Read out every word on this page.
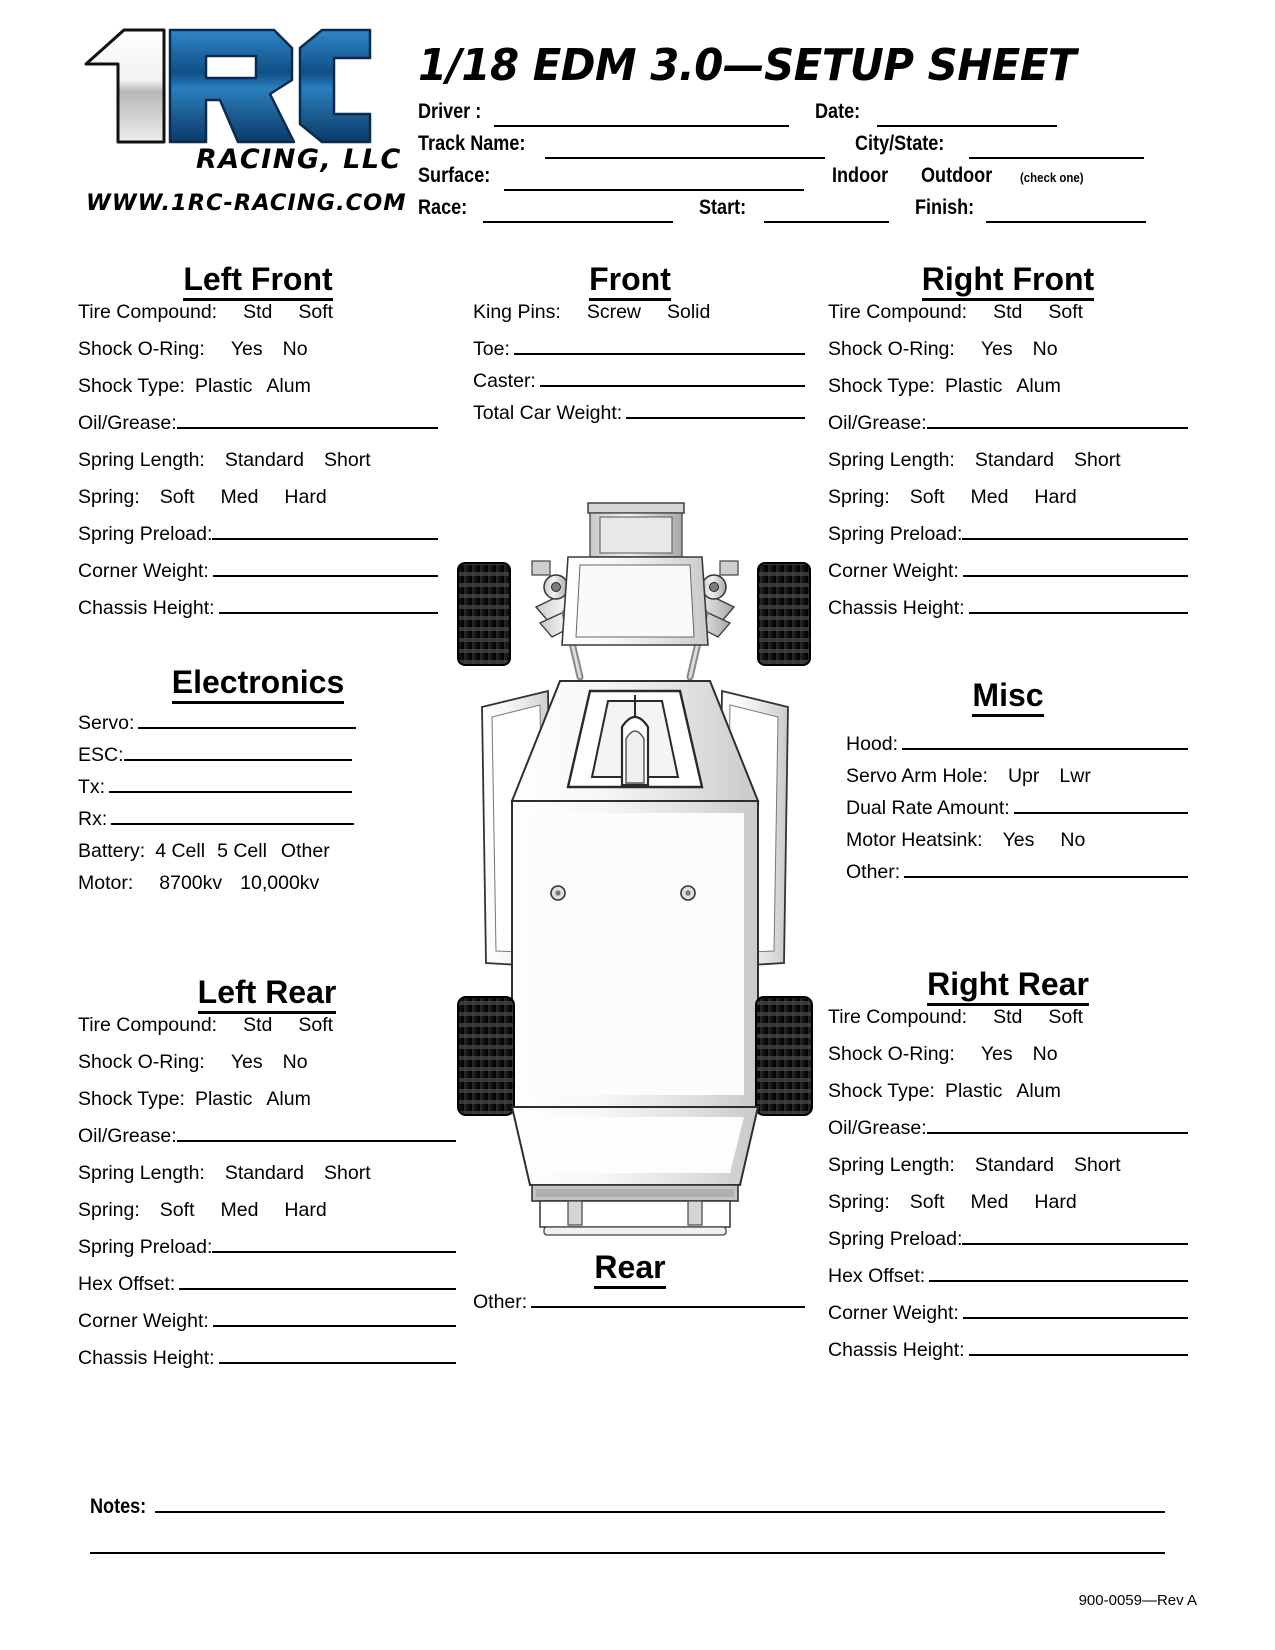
RACING, LLC
WWW.1RC-RACING.COM
1/18 EDM 3.0—SETUP SHEET
Driver :	Date:
Track Name:	City/State:
Surface:	Indoor Outdoor (check one)
Race:	Start:	Finish:
Left Front
Tire Compound: Std Soft
Shock O-Ring: Yes No
Shock Type: Plastic Alum
Oil/Grease:
Spring Length: Standard Short
Spring: Soft Med Hard
Spring Preload:
Corner Weight:
Chassis Height:
Front
King Pins: Screw Solid
Toe:
Caster:
Total Car Weight:
Right Front
Tire Compound: Std Soft
Shock O-Ring: Yes No
Shock Type: Plastic Alum
Oil/Grease:
Spring Length: Standard Short
Spring: Soft Med Hard
Spring Preload:
Corner Weight:
Chassis Height:
Electronics
Servo:
ESC:
Tx:
Rx:
Battery: 4 Cell 5 Cell Other
Motor: 8700kv 10,000kv
Misc
Hood:
Servo Arm Hole: Upr Lwr
Dual Rate Amount:
Motor Heatsink: Yes No
Other:
Left Rear
Tire Compound: Std Soft
Shock O-Ring: Yes No
Shock Type: Plastic Alum
Oil/Grease:
Spring Length: Standard Short
Spring: Soft Med Hard
Spring Preload:
Hex Offset:
Corner Weight:
Chassis Height:
Right Rear
Tire Compound: Std Soft
Shock O-Ring: Yes No
Shock Type: Plastic Alum
Oil/Grease:
Spring Length: Standard Short
Spring: Soft Med Hard
Spring Preload:
Hex Offset:
Corner Weight:
Chassis Height:
Rear
Other:
Notes:
900-0059—Rev A
